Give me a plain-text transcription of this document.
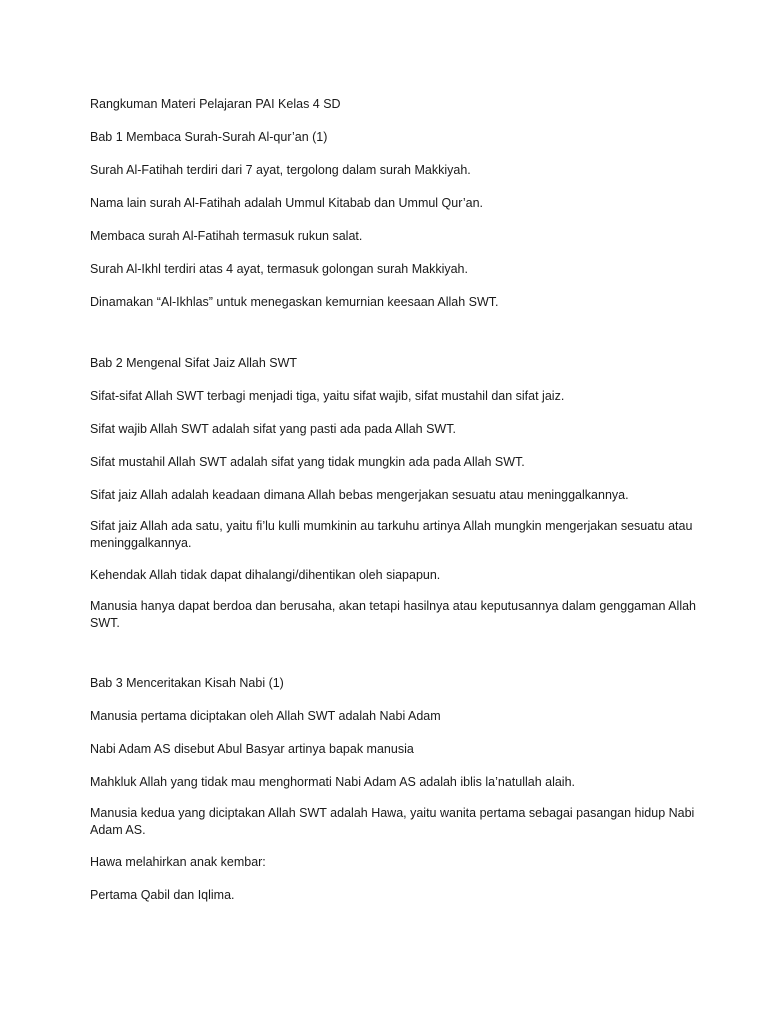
Rangkuman Materi Pelajaran PAI Kelas 4 SD

Bab 1 Membaca Surah-Surah Al-qur’an (1)

Surah Al-Fatihah terdiri dari 7 ayat, tergolong dalam surah Makkiyah.

Nama lain surah Al-Fatihah adalah Ummul Kitabab dan Ummul Qur’an.

Membaca surah Al-Fatihah termasuk rukun salat.

Surah Al-Ikhl terdiri atas 4 ayat, termasuk golongan surah Makkiyah.

Dinamakan “Al-Ikhlas” untuk menegaskan kemurnian keesaan Allah SWT.

Bab 2 Mengenal Sifat Jaiz Allah SWT

Sifat-sifat Allah SWT terbagi menjadi tiga, yaitu sifat wajib, sifat mustahil dan sifat jaiz.

Sifat wajib Allah SWT adalah sifat yang pasti ada pada Allah SWT.

Sifat mustahil Allah SWT adalah sifat yang tidak mungkin ada pada Allah SWT.

Sifat jaiz Allah adalah keadaan dimana Allah bebas mengerjakan sesuatu atau meninggalkannya.

Sifat jaiz Allah ada satu, yaitu fi’lu kulli mumkinin au tarkuhu artinya Allah mungkin mengerjakan sesuatu atau meninggalkannya.

Kehendak Allah tidak dapat dihalangi/dihentikan oleh siapapun.

Manusia hanya dapat berdoa dan berusaha, akan tetapi hasilnya atau keputusannya dalam genggaman Allah SWT.

Bab 3 Menceritakan Kisah Nabi (1)

Manusia pertama diciptakan oleh Allah SWT adalah Nabi Adam

Nabi Adam AS disebut Abul Basyar artinya bapak manusia

Mahkluk Allah yang tidak mau menghormati Nabi Adam AS adalah iblis la’natullah alaih.

Manusia kedua yang diciptakan Allah SWT adalah Hawa, yaitu wanita pertama sebagai pasangan hidup Nabi Adam AS.

Hawa melahirkan anak kembar:

Pertama Qabil dan Iqlima.
